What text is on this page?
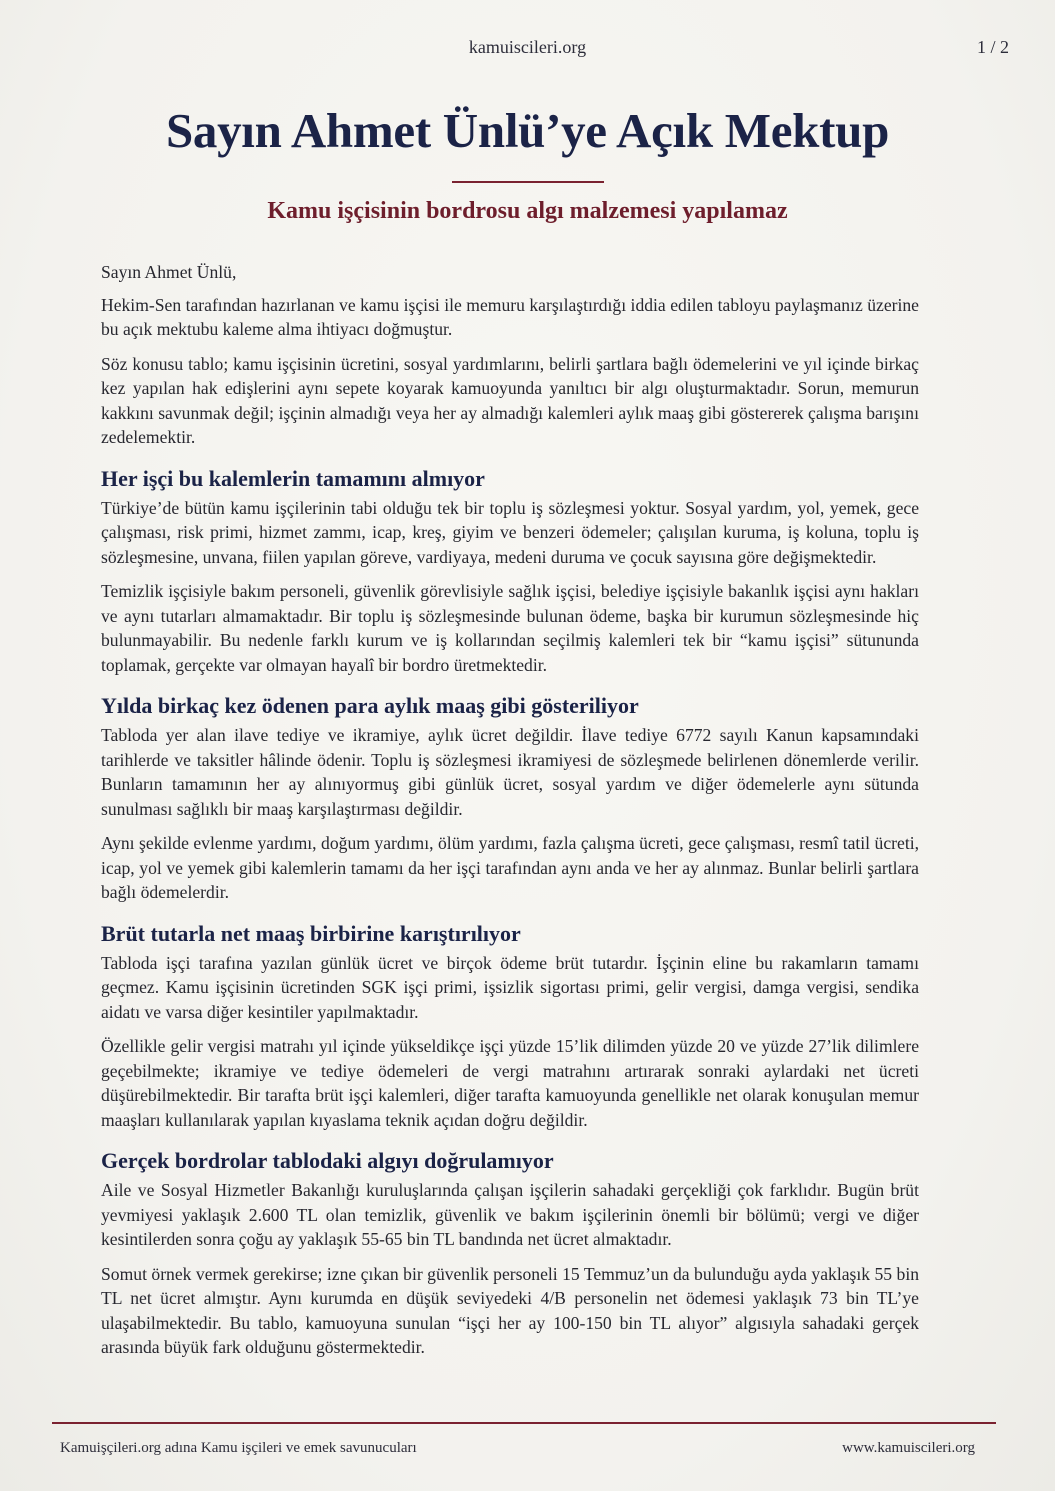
kamuiscileri.org	1 / 2
Sayın Ahmet Ünlü’ye Açık Mektup
Kamu işçisinin bordrosu algı malzemesi yapılamaz
Sayın Ahmet Ünlü,

Hekim-Sen tarafından hazırlanan ve kamu işçisi ile memuru karşılaştırdığı iddia edilen tabloyu paylaşmanız üzerine bu açık mektubu kaleme alma ihtiyacı doğmuştur.

Söz konusu tablo; kamu işçisinin ücretini, sosyal yardımlarını, belirli şartlara bağlı ödemelerini ve yıl içinde birkaç kez yapılan hak edişlerini aynı sepete koyarak kamuoyunda yanıltıcı bir algı oluşturmaktadır. Sorun, memurun kakkını savunmak değil; işçinin almadığı veya her ay almadığı kalemleri aylık maaş gibi göstererek çalışma barışını zedelemektir.

Her işçi bu kalemlerin tamamını almıyor

Türkiye’de bütün kamu işçilerinin tabi olduğu tek bir toplu iş sözleşmesi yoktur. Sosyal yardım, yol, yemek, gece çalışması, risk primi, hizmet zammı, icap, kreş, giyim ve benzeri ödemeler; çalışılan kuruma, iş koluna, toplu iş sözleşmesine, unvana, fiilen yapılan göreve, vardiyaya, medeni duruma ve çocuk sayısına göre değişmektedir.

Temizlik işçisiyle bakım personeli, güvenlik görevlisiyle sağlık işçisi, belediye işçisiyle bakanlık işçisi aynı hakları ve aynı tutarları almamaktadır. Bir toplu iş sözleşmesinde bulunan ödeme, başka bir kurumun sözleşmesinde hiç bulunmayabilir. Bu nedenle farklı kurum ve iş kollarından seçilmiş kalemleri tek bir “kamu işçisi” sütununda toplamak, gerçekte var olmayan hayalî bir bordro üretmektedir.

Yılda birkaç kez ödenen para aylık maaş gibi gösteriliyor

Tabloda yer alan ilave tediye ve ikramiye, aylık ücret değildir. İlave tediye 6772 sayılı Kanun kapsamındaki tarihlerde ve taksitler hâlinde ödenir. Toplu iş sözleşmesi ikramiyesi de sözleşmede belirlenen dönemlerde verilir. Bunların tamamının her ay alınıyormuş gibi günlük ücret, sosyal yardım ve diğer ödemelerle aynı sütunda sunulması sağlıklı bir maaş karşılaştırması değildir.

Aynı şekilde evlenme yardımı, doğum yardımı, ölüm yardımı, fazla çalışma ücreti, gece çalışması, resmî tatil ücreti, icap, yol ve yemek gibi kalemlerin tamamı da her işçi tarafından aynı anda ve her ay alınmaz. Bunlar belirli şartlara bağlı ödemelerdir.

Brüt tutarla net maaş birbirine karıştırılıyor

Tabloda işçi tarafına yazılan günlük ücret ve birçok ödeme brüt tutardır. İşçinin eline bu rakamların tamamı geçmez. Kamu işçisinin ücretinden SGK işçi primi, işsizlik sigortası primi, gelir vergisi, damga vergisi, sendika aidatı ve varsa diğer kesintiler yapılmaktadır.

Özellikle gelir vergisi matrahı yıl içinde yükseldikçe işçi yüzde 15’lik dilimden yüzde 20 ve yüzde 27’lik dilimlere geçebilmekte; ikramiye ve tediye ödemeleri de vergi matrahını artırarak sonraki aylardaki net ücreti düşürebilmektedir. Bir tarafta brüt işçi kalemleri, diğer tarafta kamuoyunda genellikle net olarak konuşulan memur maaşları kullanılarak yapılan kıyaslama teknik açıdan doğru değildir.

Gerçek bordrolar tablodaki algıyı doğrulamıyor

Aile ve Sosyal Hizmetler Bakanlığı kuruluşlarında çalışan işçilerin sahadaki gerçekliği çok farklıdır. Bugün brüt yevmiyesi yaklaşık 2.600 TL olan temizlik, güvenlik ve bakım işçilerinin önemli bir bölümü; vergi ve diğer kesintilerden sonra çoğu ay yaklaşık 55-65 bin TL bandında net ücret almaktadır.

Somut örnek vermek gerekirse; izne çıkan bir güvenlik personeli 15 Temmuz’un da bulunduğu ayda yaklaşık 55 bin TL net ücret almıştır. Aynı kurumda en düşük seviyedeki 4/B personelin net ödemesi yaklaşık 73 bin TL’ye ulaşabilmektedir. Bu tablo, kamuoyuna sunulan “işçi her ay 100-150 bin TL alıyor” algısıyla sahadaki gerçek arasında büyük fark olduğunu göstermektedir.

Kamuişçileri.org adına Kamu işçileri ve emek savunucuları	www.kamuiscileri.org
